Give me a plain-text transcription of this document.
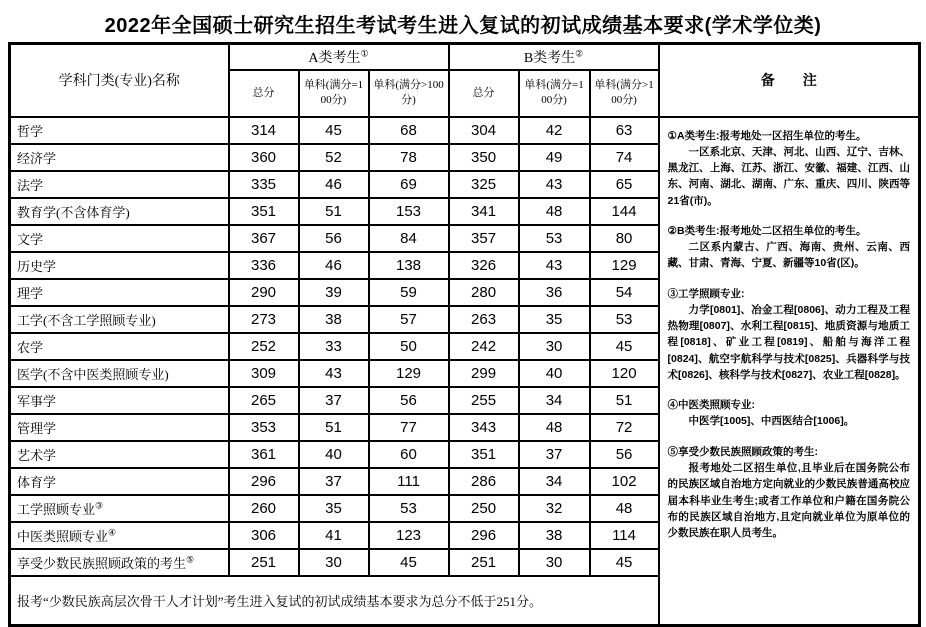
2022年全国硕士研究生招生考试考生进入复试的初试成绩基本要求(学术学位类)
学科门类(专业)名称	A类考生①			B类考生②			备　　注
	总分	单科(满分=100分)	单科(满分>100分)	总分	单科(满分=100分)	单科(满分>100分)	
哲学	314	45	68	304	42	63	①A类考生:报考地处一区招生单位的考生。

一区系北京、天津、河北、山西、辽宁、吉林、黑龙江、上海、江苏、浙江、安徽、福建、江西、山东、河南、湖北、湖南、广东、重庆、四川、陕西等21省(市)。

②B类考生:报考地处二区招生单位的考生。

二区系内蒙古、广西、海南、贵州、云南、西藏、甘肃、青海、宁夏、新疆等10省(区)。

③工学照顾专业:

力学[0801]、冶金工程[0806]、动力工程及工程热物理[0807]、水利工程[0815]、地质资源与地质工程[0818]、矿业工程[0819]、船舶与海洋工程[0824]、航空宇航科学与技术[0825]、兵器科学与技术[0826]、核科学与技术[0827]、农业工程[0828]。

④中医类照顾专业:

中医学[1005]、中西医结合[1006]。

⑤享受少数民族照顾政策的考生:

报考地处二区招生单位,且毕业后在国务院公布的民族区域自治地方定向就业的少数民族普通高校应届本科毕业生考生;或者工作单位和户籍在国务院公布的民族区域自治地方,且定向就业单位为原单位的少数民族在职人员考生。

经济学	360	52	78	350	49	74	
法学	335	46	69	325	43	65	
教育学(不含体育学)	351	51	153	341	48	144	
文学	367	56	84	357	53	80	
历史学	336	46	138	326	43	129	
理学	290	39	59	280	36	54	
工学(不含工学照顾专业)	273	38	57	263	35	53	
农学	252	33	50	242	30	45	
医学(不含中医类照顾专业)	309	43	129	299	40	120	
军事学	265	37	56	255	34	51	
管理学	353	51	77	343	48	72	
艺术学	361	40	60	351	37	56	
体育学	296	37	111	286	34	102	
工学照顾专业③	260	35	53	250	32	48	
中医类照顾专业④	306	41	123	296	38	114	
享受少数民族照顾政策的考生⑤	251	30	45	251	30	45	
报考“少数民族高层次骨干人才计划”考生进入复试的初试成绩基本要求为总分不低于251分。							
